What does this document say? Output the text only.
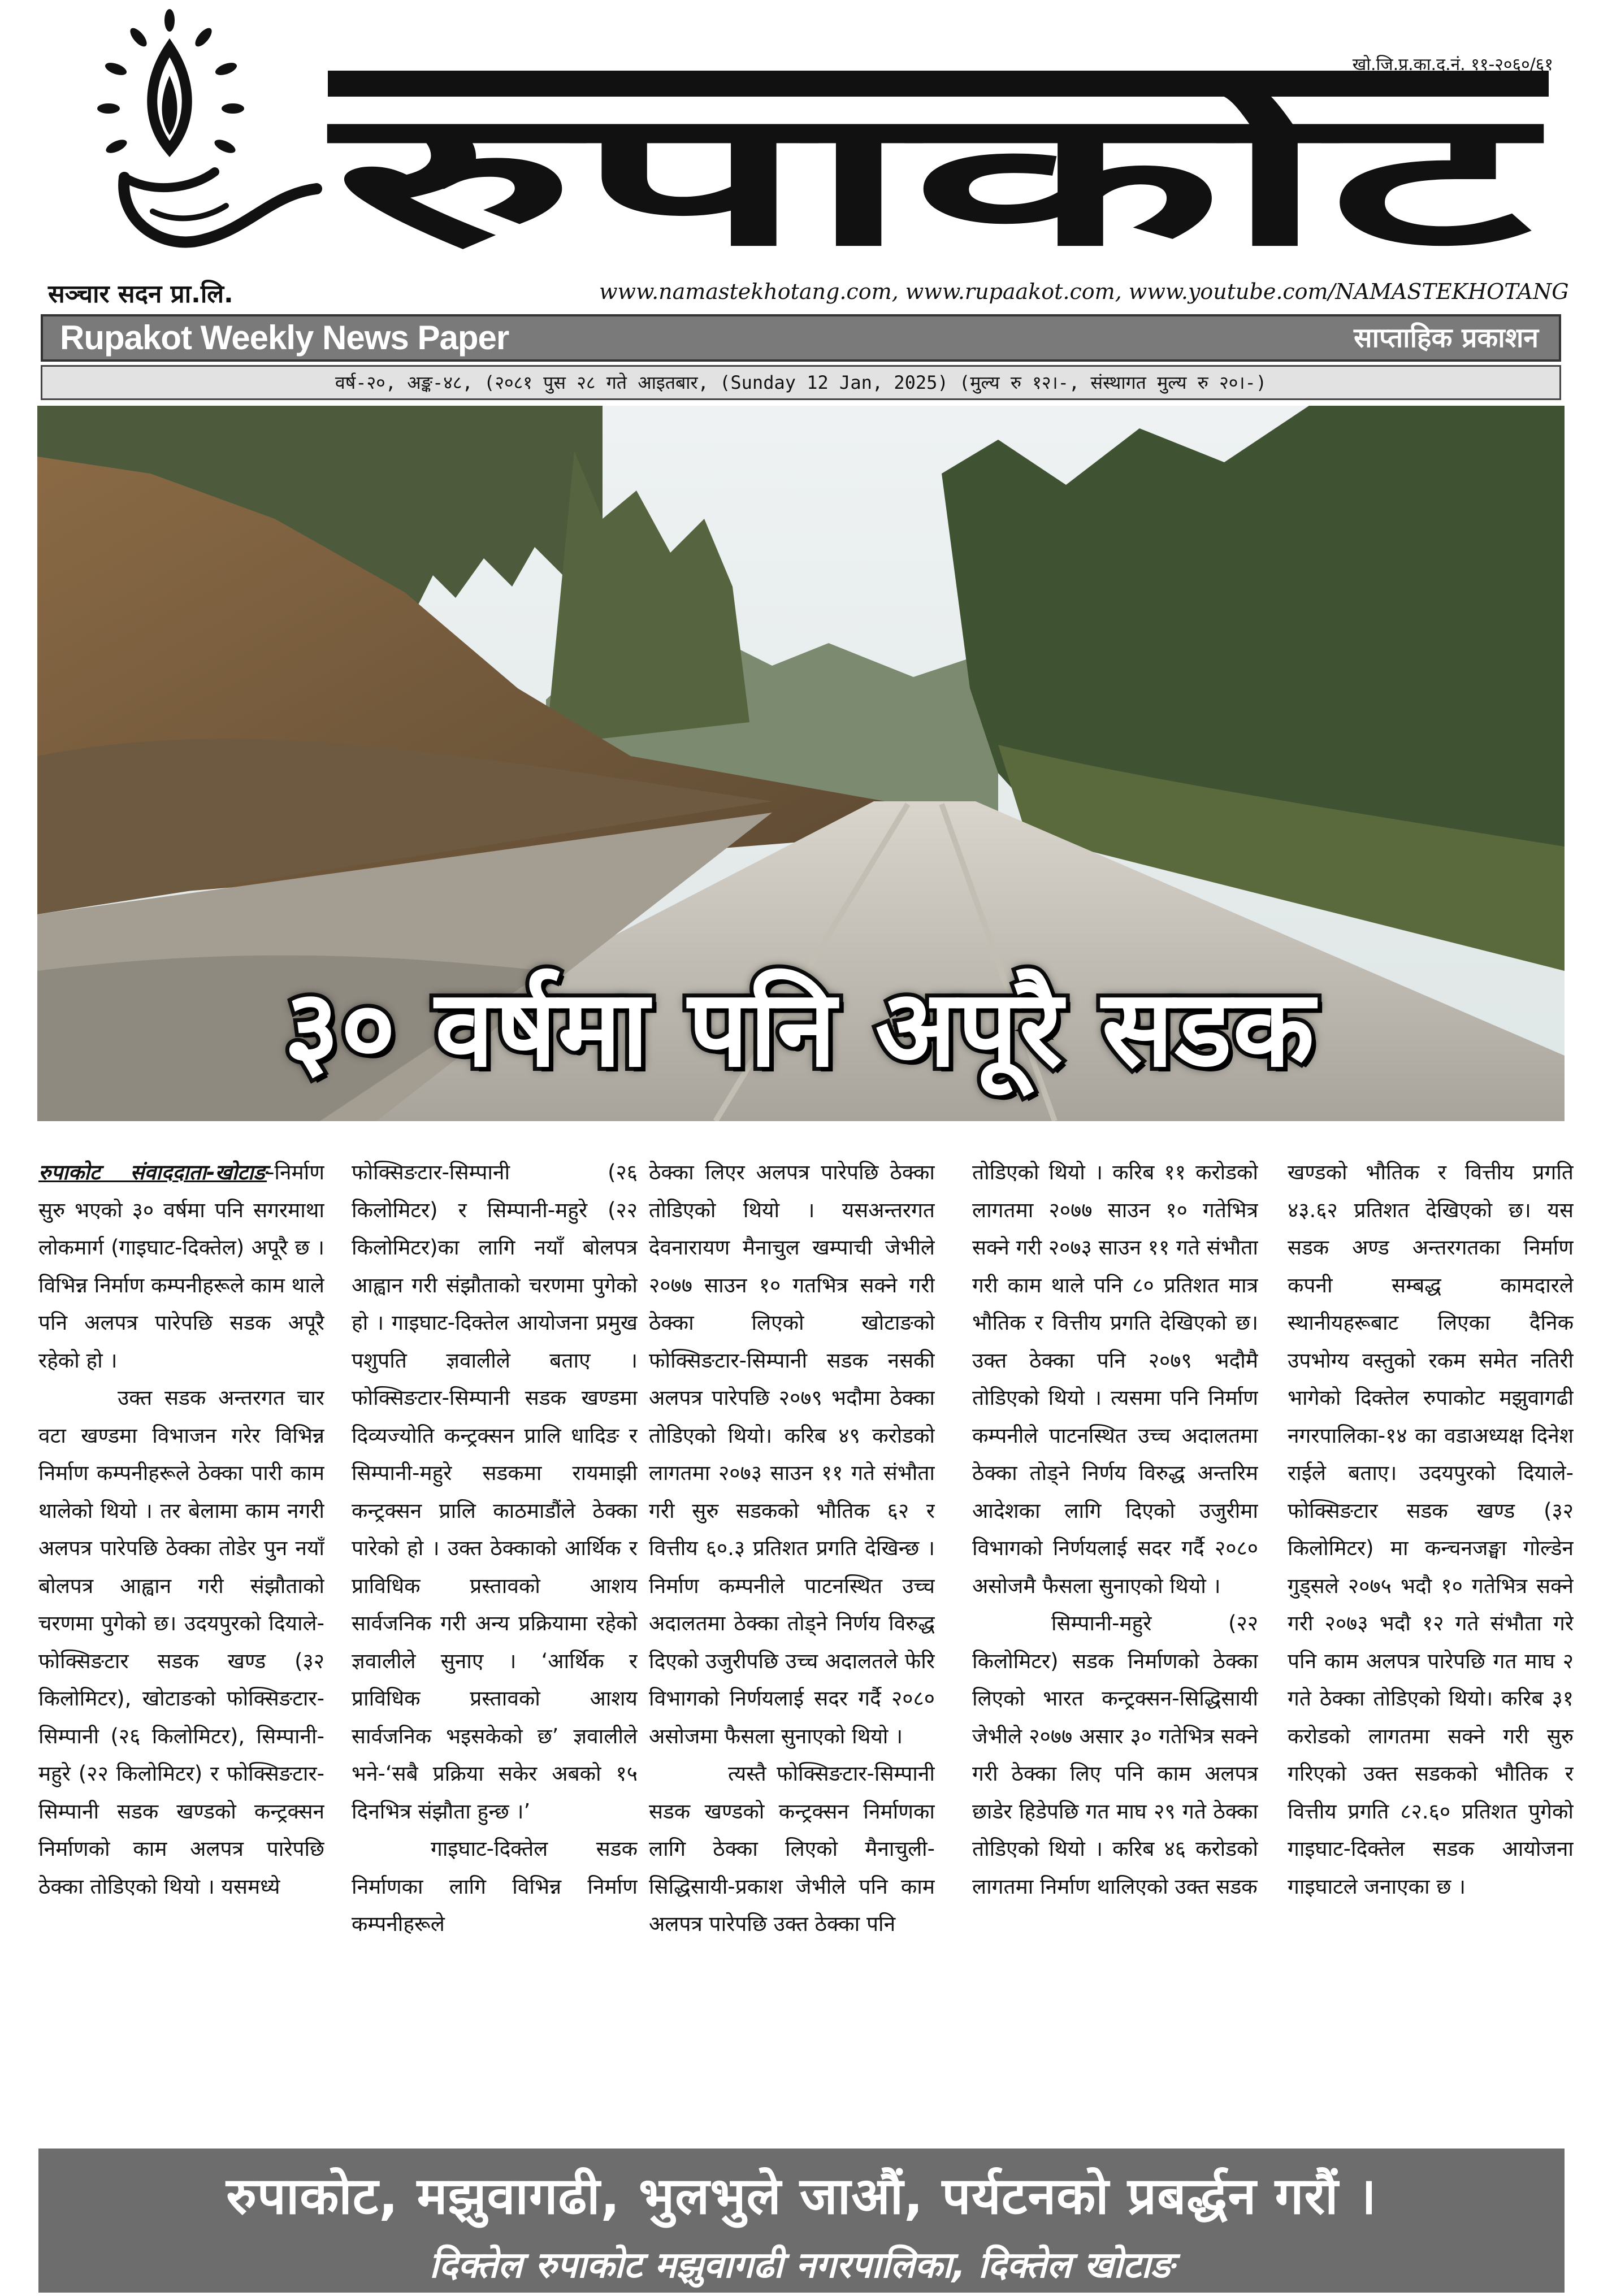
सञ्चार सदन प्रा.लि.
खो.जि.प्र.का.द.नं. ११-२०६०/६१
रुपाकोट
www.namastekhotang.com, www.rupaakot.com, www.youtube.com/NAMASTEKHOTANG
Rupakot Weekly News Paper	साप्ताहिक प्रकाशन
वर्ष-२०, अङ्क-४८, (२०८१ पुस २८ गते आइतबार, (Sunday 12 Jan, 2025) (मुल्य रु १२।-, संस्थागत मुल्य रु २०।-)
३० वर्षमा पनि अपूरै सडक

रुपाकोट संवाददाता-खोटाङ-निर्माण सुरु भएको ३० वर्षमा पनि सगरमाथा लोकमार्ग (गाइघाट-दिक्तेल) अपूरै छ । विभिन्न निर्माण कम्पनीहरूले काम थाले पनि अलपत्र पारेपछि सडक अपूरै रहेको हो ।

उक्त सडक अन्तरगत चार वटा खण्डमा विभाजन गरेर विभिन्न निर्माण कम्पनीहरूले ठेक्का पारी काम थालेको थियो । तर बेलामा काम नगरी अलपत्र पारेपछि ठेक्का तोडेर पुन नयाँ बोलपत्र आह्वान गरी संझौताको चरणमा पुगेको छ। उदयपुरको दियाले-फोक्सिङटार सडक खण्ड (३२ किलोमिटर), खोटाङको फोक्सिङटार-सिम्पानी (२६ किलोमिटर), सिम्पानी-महुरे (२२ किलोमिटर) र फोक्सिङटार-सिम्पानी सडक खण्डको कन्ट्रक्सन निर्माणको काम अलपत्र पारेपछि ठेक्का तोडिएको थियो । यसमध्ये

फोक्सिङटार-सिम्पानी (२६ किलोमिटर) र सिम्पानी-महुरे (२२ किलोमिटर)का लागि नयाँ बोलपत्र आह्वान गरी संझौताको चरणमा पुगेको हो । गाइघाट-दिक्तेल आयोजना प्रमुख पशुपति ज्ञवालीले बताए । फोक्सिङटार-सिम्पानी सडक खण्डमा दिव्यज्योति कन्ट्रक्सन प्रालि धादिङ र सिम्पानी-महुरे सडकमा रायमाझी कन्ट्रक्सन प्रालि काठमाडौंले ठेक्का पारेको हो । उक्त ठेक्काको आर्थिक र प्राविधिक प्रस्तावको आशय सार्वजनिक गरी अन्य प्रक्रियामा रहेको ज्ञवालीले सुनाए । ‘आर्थिक र प्राविधिक प्रस्तावको आशय सार्वजनिक भइसकेको छ’ ज्ञवालीले भने-‘सबै प्रक्रिया सकेर अबको १५ दिनभित्र संझौता हुन्छ ।’

गाइघाट-दिक्तेल सडक निर्माणका लागि विभिन्न निर्माण कम्पनीहरूले

ठेक्का लिएर अलपत्र पारेपछि ठेक्का तोडिएको थियो । यसअन्तरगत देवनारायण मैनाचुल खम्पाची जेभीले २०७७ साउन १० गतभित्र सक्ने गरी ठेक्का लिएको खोटाङको फोक्सिङटार-सिम्पानी सडक नसकी अलपत्र पारेपछि २०७९ भदौमा ठेक्का तोडिएको थियो। करिब ४९ करोडको लागतमा २०७३ साउन ११ गते संभौता गरी सुरु सडकको भौतिक ६२ र वित्तीय ६०.३ प्रतिशत प्रगति देखिन्छ । निर्माण कम्पनीले पाटनस्थित उच्च अदालतमा ठेक्का तोड्ने निर्णय विरुद्ध दिएको उजुरीपछि उच्च अदालतले फेरि विभागको निर्णयलाई सदर गर्दै २०८० असोजमा फैसला सुनाएको थियो ।

त्यस्तै फोक्सिङटार-सिम्पानी सडक खण्डको कन्ट्रक्सन निर्माणका लागि ठेक्का लिएको मैनाचुली-सिद्धिसायी-प्रकाश जेभीले पनि काम अलपत्र पारेपछि उक्त ठेक्का पनि

तोडिएको थियो । करिब ११ करोडको लागतमा २०७७ साउन १० गतेभित्र सक्ने गरी २०७३ साउन ११ गते संभौता गरी काम थाले पनि ८० प्रतिशत मात्र भौतिक र वित्तीय प्रगति देखिएको छ। उक्त ठेक्का पनि २०७९ भदौमै तोडिएको थियो । त्यसमा पनि निर्माण कम्पनीले पाटनस्थित उच्च अदालतमा ठेक्का तोड्ने निर्णय विरुद्ध अन्तरिम आदेशका लागि दिएको उजुरीमा विभागको निर्णयलाई सदर गर्दै २०८० असोजमै फैसला सुनाएको थियो ।

सिम्पानी-महुरे (२२ किलोमिटर) सडक निर्माणको ठेक्का लिएको भारत कन्ट्रक्सन-सिद्धिसायी जेभीले २०७७ असार ३० गतेभित्र सक्ने गरी ठेक्का लिए पनि काम अलपत्र छाडेर हिडेपछि गत माघ २९ गते ठेक्का तोडिएको थियो । करिब ४६ करोडको लागतमा निर्माण थालिएको उक्त सडक

खण्डको भौतिक र वित्तीय प्रगति ४३.६२ प्रतिशत देखिएको छ। यस सडक अण्ड अन्तरगतका निर्माण कपनी सम्बद्ध कामदारले स्थानीयहरूबाट लिएका दैनिक उपभोग्य वस्तुको रकम समेत नतिरी भागेको दिक्तेल रुपाकोट मझुवागढी नगरपालिका-१४ का वडाअध्यक्ष दिनेश राईले बताए। उदयपुरको दियाले-फोक्सिङटार सडक खण्ड (३२ किलोमिटर) मा कन्चनजङ्घा गोल्डेन गुड्सले २०७५ भदौ १० गतेभित्र सक्ने गरी २०७३ भदौ १२ गते संभौता गरे पनि काम अलपत्र पारेपछि गत माघ २ गते ठेक्का तोडिएको थियो। करिब ३१ करोडको लागतमा सक्ने गरी सुरु गरिएको उक्त सडकको भौतिक र वित्तीय प्रगति ८२.६० प्रतिशत पुगेको गाइघाट-दिक्तेल सडक आयोजना गाइघाटले जनाएका छ ।

रुपाकोट, मझुवागढी, भुलभुले जाऔं, पर्यटनको प्रबर्द्धन गरौं ।
दिक्तेल रुपाकोट मझुवागढी नगरपालिका, दिक्तेल खोटाङ
